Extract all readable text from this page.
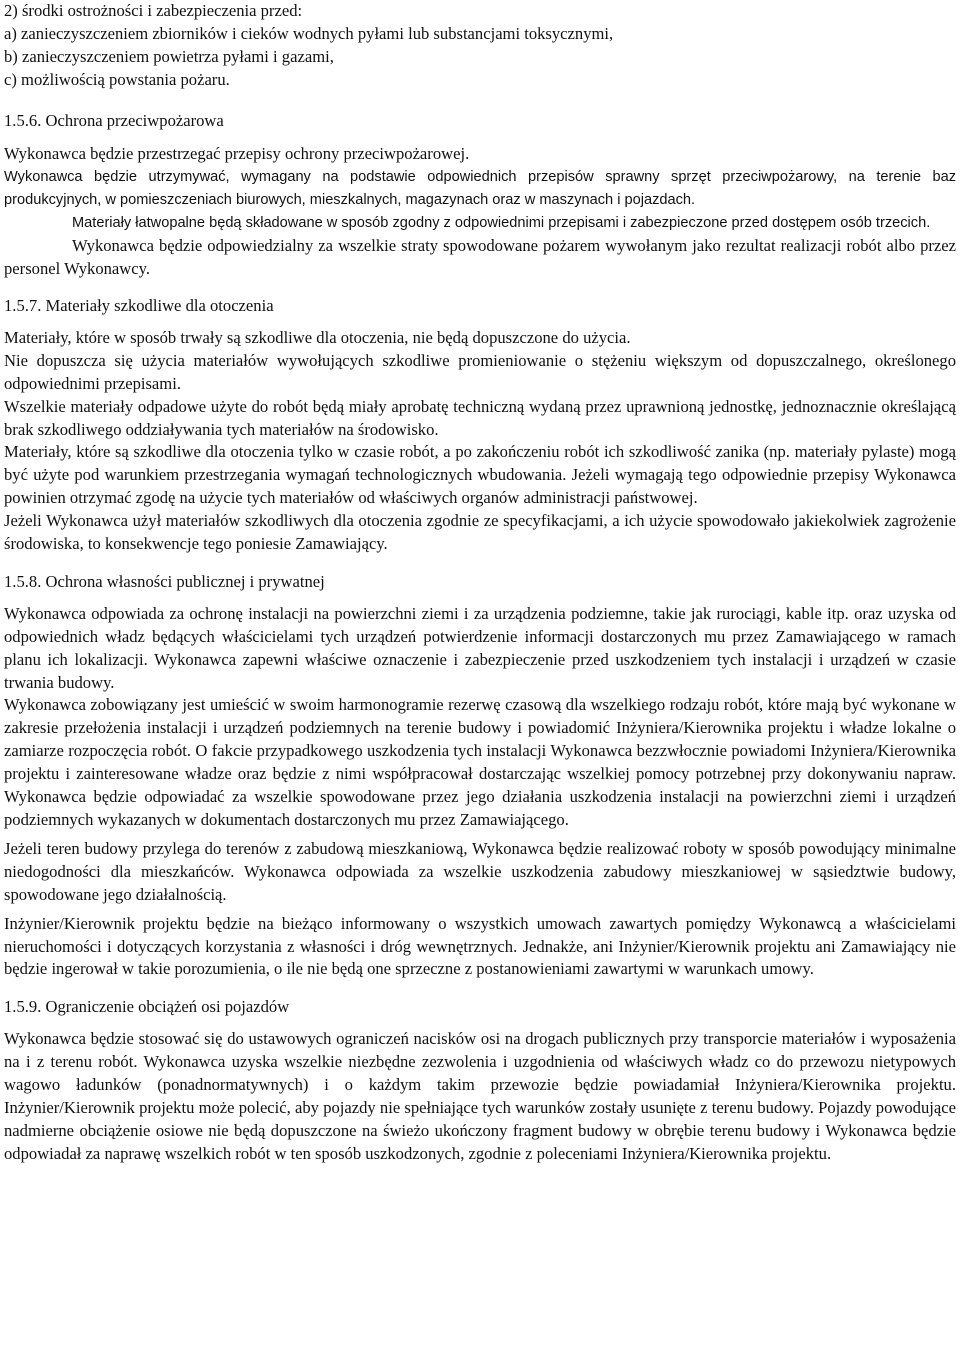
2) środki ostrożności i zabezpieczenia przed:
a) zanieczyszczeniem zbiorników i cieków wodnych pyłami lub substancjami toksycznymi,
b) zanieczyszczeniem powietrza pyłami i gazami,
c) możliwością powstania pożaru.
1.5.6. Ochrona przeciwpożarowa
Wykonawca będzie przestrzegać przepisy ochrony przeciwpożarowej.
Wykonawca będzie utrzymywać, wymagany na podstawie odpowiednich przepisów sprawny sprzęt przeciwpożarowy, na terenie baz produkcyjnych, w pomieszczeniach biurowych, mieszkalnych, magazynach oraz w maszynach i pojazdach.
Materiały łatwopalne będą składowane w sposób zgodny z odpowiednimi przepisami i zabezpieczone przed dostępem osób trzecich.
Wykonawca będzie odpowiedzialny za wszelkie straty spowodowane pożarem wywołanym jako rezultat realizacji robót albo przez personel Wykonawcy.
1.5.7. Materiały szkodliwe dla otoczenia
Materiały, które w sposób trwały są szkodliwe dla otoczenia, nie będą dopuszczone do użycia.
Nie dopuszcza się użycia materiałów wywołujących szkodliwe promieniowanie o stężeniu większym od dopuszczalnego, określonego odpowiednimi przepisami.
Wszelkie materiały odpadowe użyte do robót będą miały aprobatę techniczną wydaną przez uprawnioną jednostkę, jednoznacznie określającą brak szkodliwego oddziaływania tych materiałów na środowisko.
Materiały, które są szkodliwe dla otoczenia tylko w czasie robót, a po zakończeniu robót ich szkodliwość zanika (np. materiały pylaste) mogą być użyte pod warunkiem przestrzegania wymagań technologicznych wbudowania. Jeżeli wymagają tego odpowiednie przepisy Wykonawca powinien otrzymać zgodę na użycie tych materiałów od właściwych organów administracji państwowej.
Jeżeli Wykonawca użył materiałów szkodliwych dla otoczenia zgodnie ze specyfikacjami, a ich użycie spowodowało jakiekolwiek zagrożenie środowiska, to konsekwencje tego poniesie Zamawiający.
1.5.8. Ochrona własności publicznej i prywatnej
Wykonawca odpowiada za ochronę instalacji na powierzchni ziemi i za urządzenia podziemne, takie jak rurociągi, kable itp. oraz uzyska od odpowiednich władz będących właścicielami tych urządzeń potwierdzenie informacji dostarczonych mu przez Zamawiającego w ramach planu ich lokalizacji. Wykonawca zapewni właściwe oznaczenie i zabezpieczenie przed uszkodzeniem tych instalacji i urządzeń w czasie trwania budowy.
Wykonawca zobowiązany jest umieścić w swoim harmonogramie rezerwę czasową dla wszelkiego rodzaju robót, które mają być wykonane w zakresie przełożenia instalacji i urządzeń podziemnych na terenie budowy i powiadomić Inżyniera/Kierownika projektu i władze lokalne o zamiarze rozpoczęcia robót. O fakcie przypadkowego uszkodzenia tych instalacji Wykonawca bezzwłocznie powiadomi Inżyniera/Kierownika projektu i zainteresowane władze oraz będzie z nimi współpracował dostarczając wszelkiej pomocy potrzebnej przy dokonywaniu napraw. Wykonawca będzie odpowiadać za wszelkie spowodowane przez jego działania uszkodzenia instalacji na powierzchni ziemi i urządzeń podziemnych wykazanych w dokumentach dostarczonych mu przez Zamawiającego.
Jeżeli teren budowy przylega do terenów z zabudową mieszkaniową, Wykonawca będzie realizować roboty w sposób powodujący minimalne niedogodności dla mieszkańców. Wykonawca odpowiada za wszelkie uszkodzenia zabudowy mieszkaniowej w sąsiedztwie budowy, spowodowane jego działalnością.
Inżynier/Kierownik projektu będzie na bieżąco informowany o wszystkich umowach zawartych pomiędzy Wykonawcą a właścicielami nieruchomości i dotyczących korzystania z własności i dróg wewnętrznych. Jednakże, ani Inżynier/Kierownik projektu ani Zamawiający nie będzie ingerował w takie porozumienia, o ile nie będą one sprzeczne z postanowieniami zawartymi w warunkach umowy.
1.5.9. Ograniczenie obciążeń osi pojazdów
Wykonawca będzie stosować się do ustawowych ograniczeń nacisków osi na drogach publicznych przy transporcie materiałów i wyposażenia na i z terenu robót. Wykonawca uzyska wszelkie niezbędne zezwolenia i uzgodnienia od właściwych władz co do przewozu nietypowych wagowo ładunków (ponadnormatywnych) i o każdym takim przewozie będzie powiadamiał Inżyniera/Kierownika projektu. Inżynier/Kierownik projektu może polecić, aby pojazdy nie spełniające tych warunków zostały usunięte z terenu budowy. Pojazdy powodujące nadmierne obciążenie osiowe nie będą dopuszczone na świeżo ukończony fragment budowy w obrębie terenu budowy i Wykonawca będzie odpowiadał za naprawę wszelkich robót w ten sposób uszkodzonych, zgodnie z poleceniami Inżyniera/Kierownika projektu.
